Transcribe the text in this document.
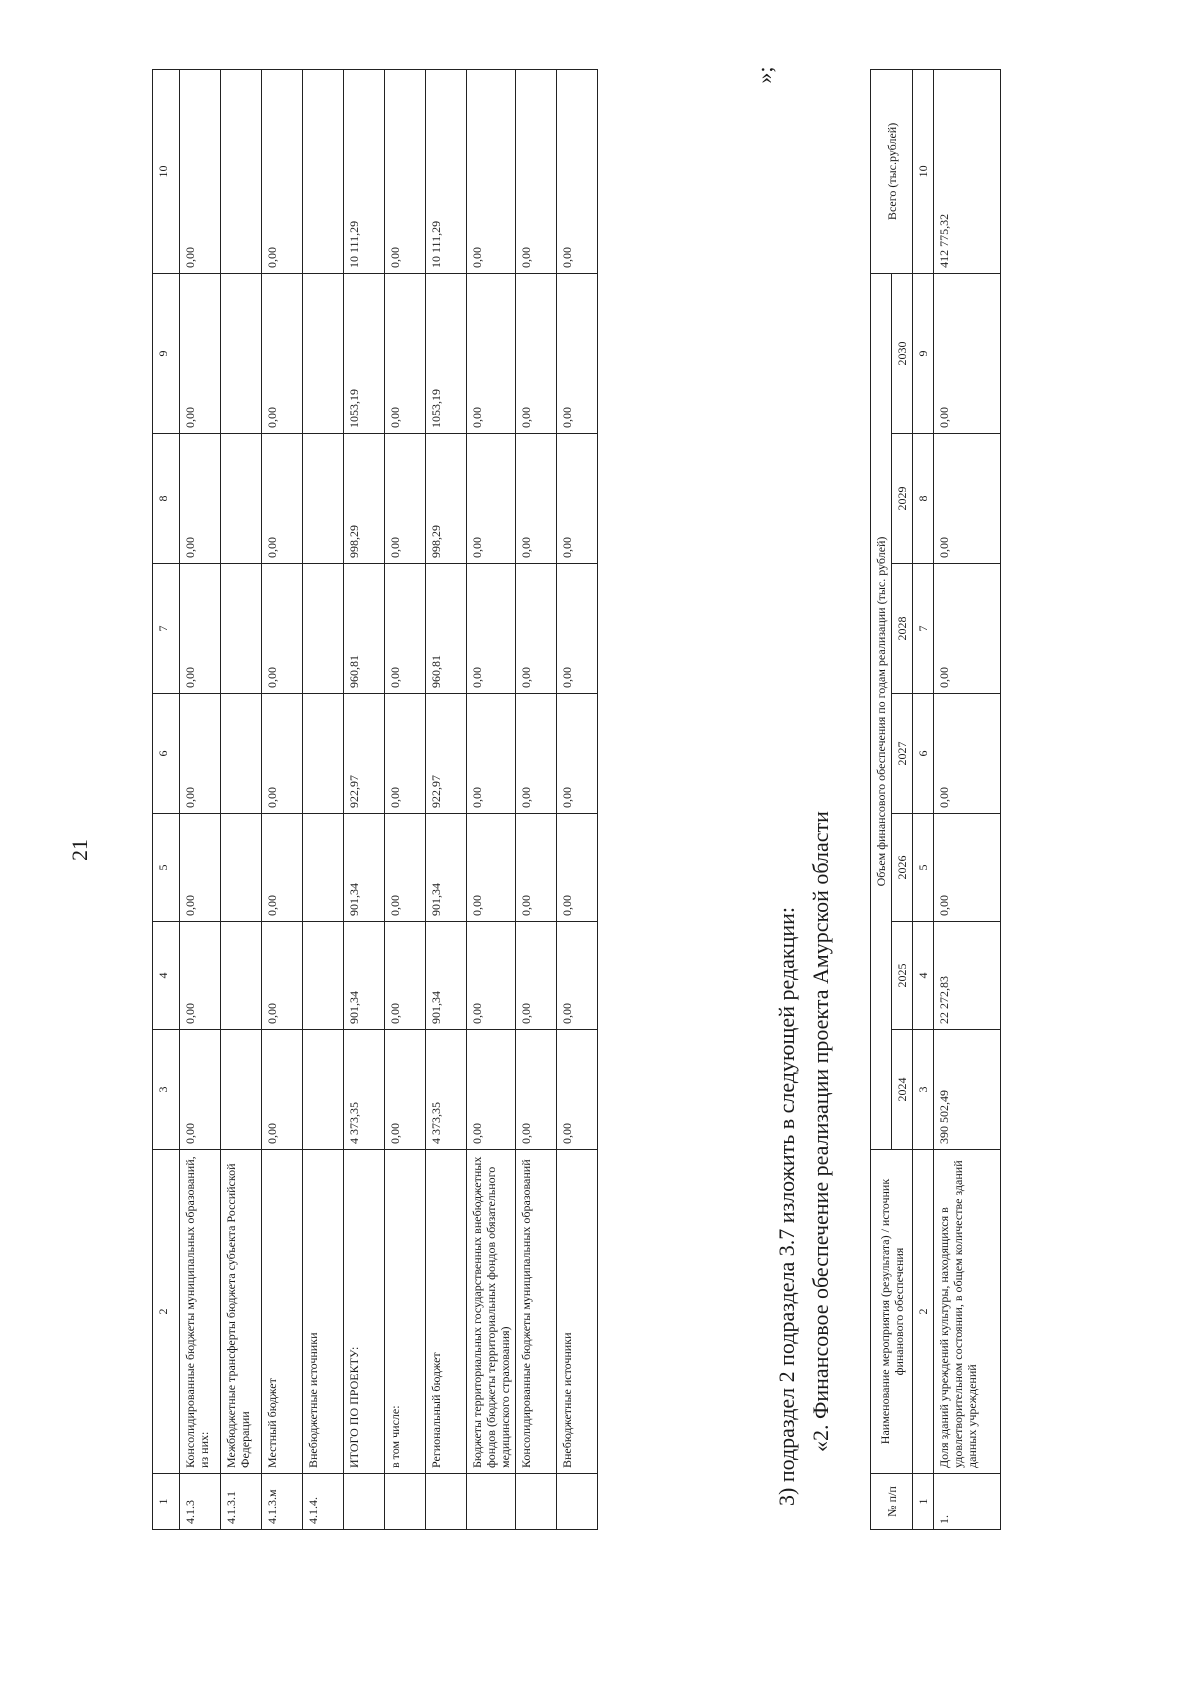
21
1	2	3	4	5	6	7	8	9	10
4.1.3	Консолидированные бюджеты муниципальных образований, из них:	0,00	0,00	0,00	0,00	0,00	0,00	0,00	0,00
4.1.3.1	Межбюджетные трансферты бюджета субъекта Российской Федерации								
4.1.3.м	Местный бюджет	0,00	0,00	0,00	0,00	0,00	0,00	0,00	0,00
4.1.4.	Внебюджетные источники								
	ИТОГО ПО ПРОЕКТУ:	4 373,35	901,34	901,34	922,97	960,81	998,29	1053,19	10 111,29
	в том числе:	0,00	0,00	0,00	0,00	0,00	0,00	0,00	0,00
	Региональный бюджет	4 373,35	901,34	901,34	922,97	960,81	998,29	1053,19	10 111,29
	Бюджеты территориальных государственных внебюджетных фондов (бюджеты территориальных фондов обязательного медицинского страхования)	0,00	0,00	0,00	0,00	0,00	0,00	0,00	0,00
	Консолидированные бюджеты муниципальных образований	0,00	0,00	0,00	0,00	0,00	0,00	0,00	0,00
	Внебюджетные источники	0,00	0,00	0,00	0,00	0,00	0,00	0,00	0,00
3) подраздел 2 подраздела 3.7 изложить в следующей редакции: «2. Финансовое обеспечение реализации проекта Амурской области
»;
№ п/п	Наименование мероприятия (результата) / источник финанового обеспечения	Объем финансового обеспечения по годам реализации (тыс. рублей)							Всего (тыс.рублей)
		2024	2025	2026	2027	2028	2029	2030	
1	2	3	4	5	6	7	8	9	10
1.	Доля зданий учреждений культуры, находящихся в удовлетворительном состоянии, в общем количестве зданий данных учреждений	390 502,49	22 272,83	0,00	0,00	0,00	0,00	0,00	412 775,32
